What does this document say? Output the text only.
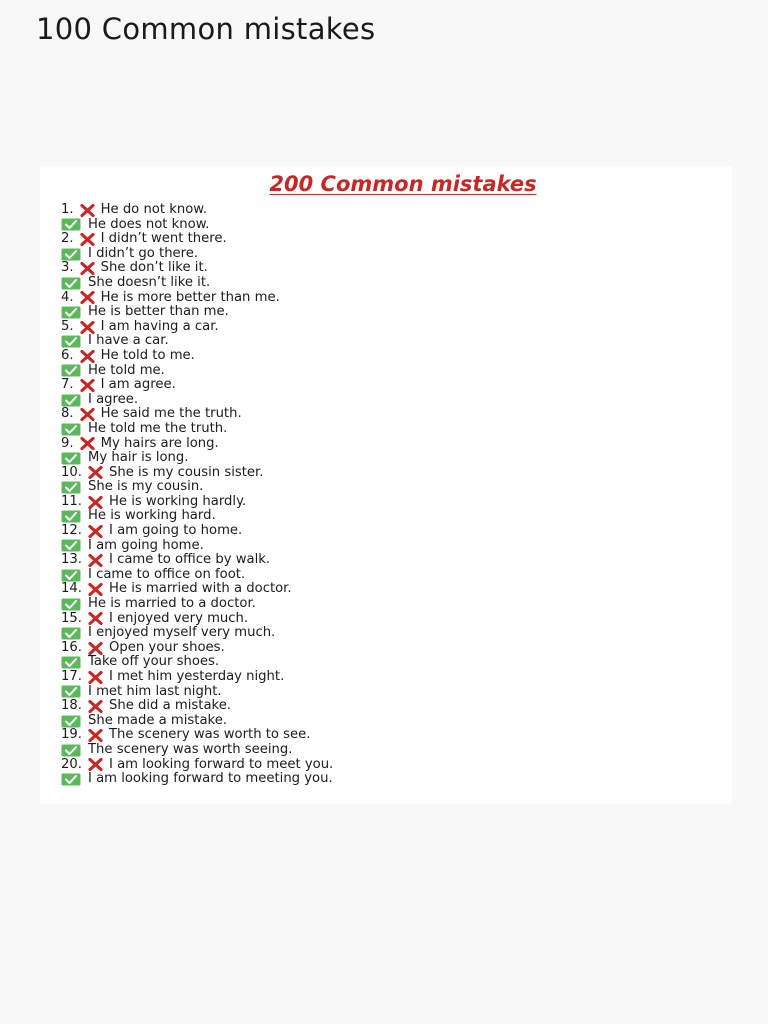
100 Common mistakes
200 Common mistakes
1. He do not know.
He does not know.
2. I didn’t went there.
I didn’t go there.
3. She don’t like it.
She doesn’t like it.
4. He is more better than me.
He is better than me.
5. I am having a car.
I have a car.
6. He told to me.
He told me.
7. I am agree.
I agree.
8. He said me the truth.
He told me the truth.
9. My hairs are long.
My hair is long.
10. She is my cousin sister.
She is my cousin.
11. He is working hardly.
He is working hard.
12. I am going to home.
I am going home.
13. I came to office by walk.
I came to office on foot.
14. He is married with a doctor.
He is married to a doctor.
15. I enjoyed very much.
I enjoyed myself very much.
16. Open your shoes.
Take off your shoes.
17. I met him yesterday night.
I met him last night.
18. She did a mistake.
She made a mistake.
19. The scenery was worth to see.
The scenery was worth seeing.
20. I am looking forward to meet you.
I am looking forward to meeting you.
